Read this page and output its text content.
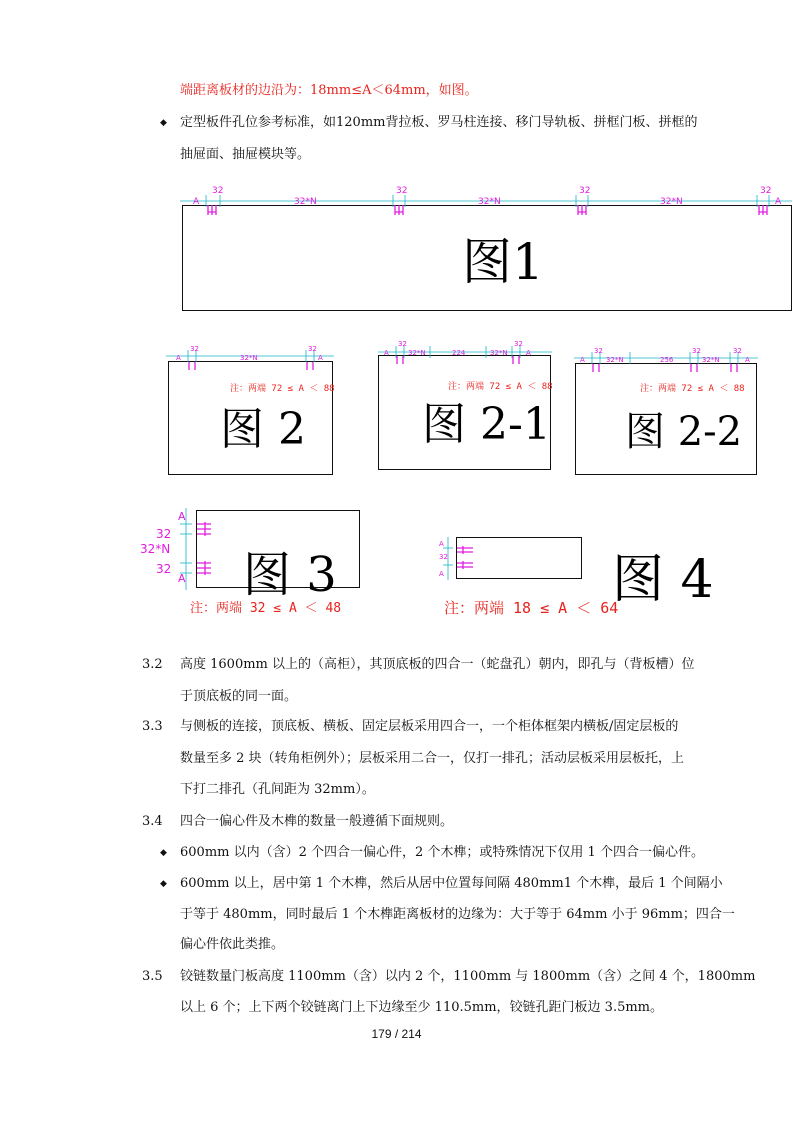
端距离板材的边沿为：18mm≤A＜64mm，如图。
◆ 定型板件孔位参考标准，如120mm背拉板、罗马柱连接、移门导轨板、拼框门板、拼框的
抽屉面、抽屉模块等。
图1
图 2
注：两端 72 ≤ A ＜ 88
图 2-1
注：两端 72 ≤ A ＜ 88
图 2-2
注：两端 72 ≤ A ＜ 88
图 3
注：两端 32 ≤ A ＜ 48	图 4
注：两端 18 ≤ A ＜ 64
32
32*N
32
32*N
32
32*N
32
A	A
32
32*N
32
A	A
32
32*N	224	32*N
32
A	A	32
32*N	256
32
32*N
32
A	A
32
32*N
32
A
A
A
32
A
3.2 高度 1600mm 以上的（高柜），其顶底板的四合一（蛇盘孔）朝内，即孔与（背板槽）位
于顶底板的同一面。
3.3 与侧板的连接，顶底板、横板、固定层板采用四合一，一个柜体框架内横板/固定层板的
数量至多 2 块（转角柜例外）；层板采用二合一，仅打一排孔；活动层板采用层板托，上
下打二排孔（孔间距为 32mm）。
3.4 四合一偏心件及木榫的数量一般遵循下面规则。
◆ 600mm 以内（含）2 个四合一偏心件，2 个木榫；或特殊情况下仅用 1 个四合一偏心件。
◆ 600mm 以上，居中第 1 个木榫，然后从居中位置每间隔 480mm1 个木榫，最后 1 个间隔小
于等于 480mm，同时最后 1 个木榫距离板材的边缘为：大于等于 64mm 小于 96mm；四合一
偏心件依此类推。
3.5 铰链数量门板高度 1100mm（含）以内 2 个，1100mm 与 1800mm（含）之间 4 个，1800mm
以上 6 个；上下两个铰链离门上下边缘至少 110.5mm，铰链孔距门板边 3.5mm。
179 / 214
